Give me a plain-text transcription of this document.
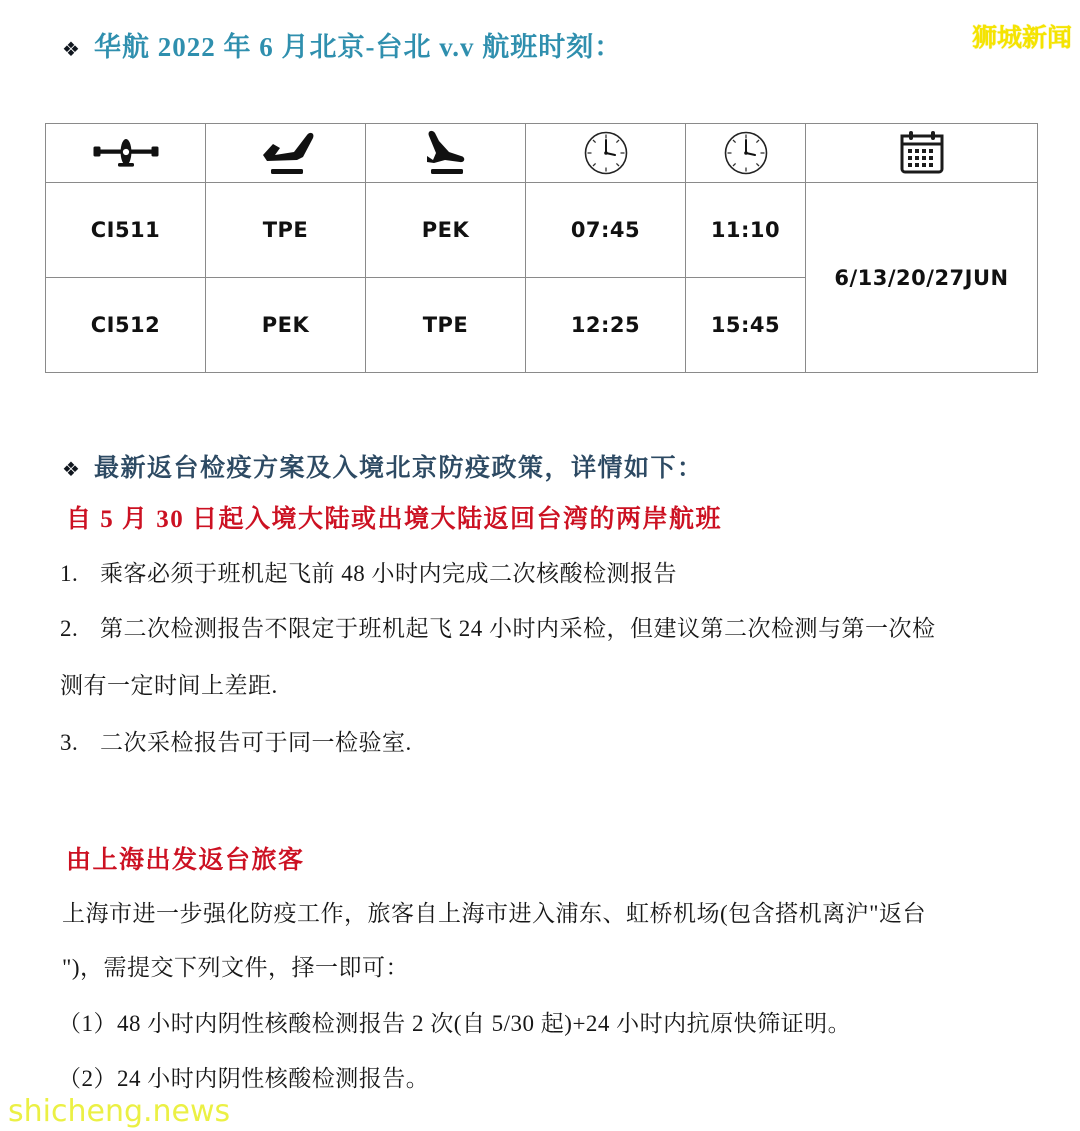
狮城新闻
❖ 华航 2022 年 6 月北京-台北 v.v 航班时刻：

CI511	TPE	PEK	07:45	11:10	6/13/20/27JUN
CI512	PEK	TPE	12:25	15:45	
❖ 最新返台检疫方案及入境北京防疫政策，详情如下：
自 5 月 30 日起入境大陆或出境大陆返回台湾的两岸航班
1. 乘客必须于班机起飞前 48 小时内完成二次核酸检测报告
2. 第二次检测报告不限定于班机起飞 24 小时内采检，但建议第二次检测与第一次检
测有一定时间上差距.
3. 二次采检报告可于同一检验室.
由上海出发返台旅客
上海市进一步强化防疫工作，旅客自上海市进入浦东、虹桥机场(包含搭机离沪"返台
")，需提交下列文件，择一即可：
（1）48 小时内阴性核酸检测报告 2 次(自 5/30 起)+24 小时内抗原快筛证明。
（2）24 小时内阴性核酸检测报告。
shicheng.news
